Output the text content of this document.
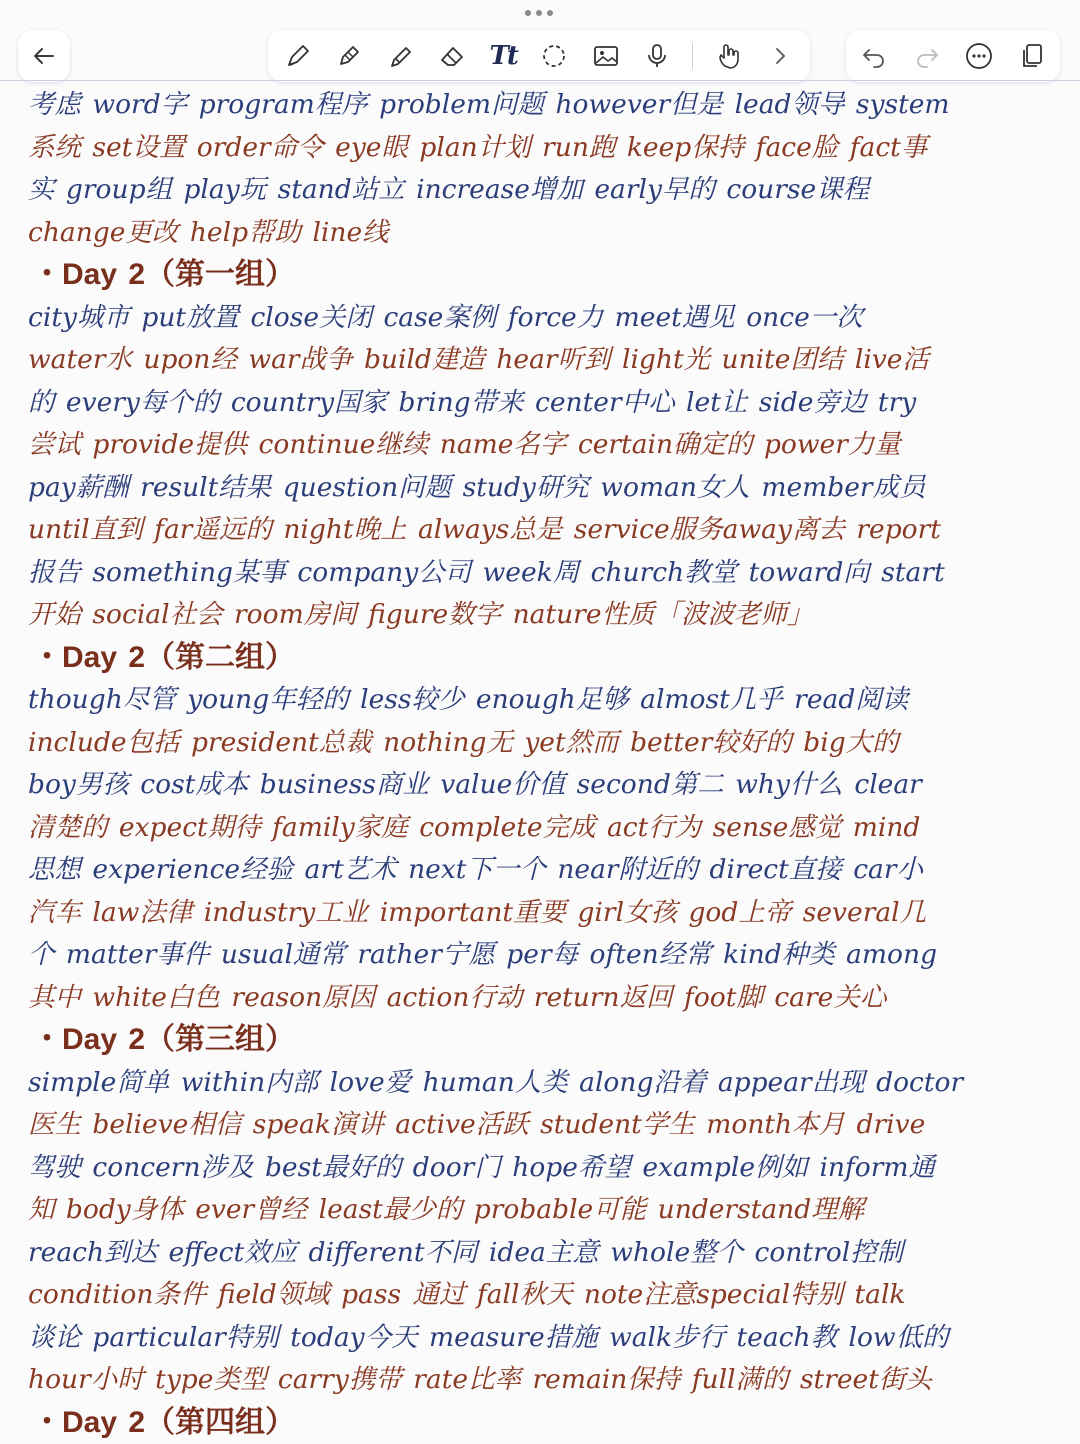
Tt
考虑 word字 program程序 problem问题 however但是 lead领导 system
系统 set设置 order命令 eye眼 plan计划 run跑 keep保持 face脸 fact事
实 group组 play玩 stand站立 increase增加 early早的 course课程
change更改 help帮助 line线
・Day 2（第一组）
city城市 put放置 close关闭 case案例 force力 meet遇见 once一次
water水 upon经 war战争 build建造 hear听到 light光 unite团结 live活
的 every每个的 country国家 bring带来 center中心 let让 side旁边 try
尝试 provide提供 continue继续 name名字 certain确定的 power力量
pay薪酬 result结果 question问题 study研究 woman女人 member成员
until直到 far遥远的 night晚上 always总是 service服务away离去 report
报告 something某事 company公司 week周 church教堂 toward向 start
开始 social社会 room房间 figure数字 nature性质「波波老师」
・Day 2（第二组）
though尽管 young年轻的 less较少 enough足够 almost几乎 read阅读
include包括 president总裁 nothing无 yet然而 better较好的 big大的
boy男孩 cost成本 business商业 value价值 second第二 why什么 clear
清楚的 expect期待 family家庭 complete完成 act行为 sense感觉 mind
思想 experience经验 art艺术 next下一个 near附近的 direct直接 car小
汽车 law法律 industry工业 important重要 girl女孩 god上帝 several几
个 matter事件 usual通常 rather宁愿 per每 often经常 kind种类 among
其中 white白色 reason原因 action行动 return返回 foot脚 care关心
・Day 2（第三组）
simple简单 within内部 love爱 human人类 along沿着 appear出现 doctor
医生 believe相信 speak演讲 active活跃 student学生 month本月 drive
驾驶 concern涉及 best最好的 door门 hope希望 example例如 inform通
知 body身体 ever曾经 least最少的 probable可能 understand理解
reach到达 effect效应 different不同 idea主意 whole整个 control控制
condition条件 field领域 pass 通过 fall秋天 note注意special特别 talk
谈论 particular特别 today今天 measure措施 walk步行 teach教 low低的
hour小时 type类型 carry携带 rate比率 remain保持 full满的 street街头
・Day 2（第四组）
